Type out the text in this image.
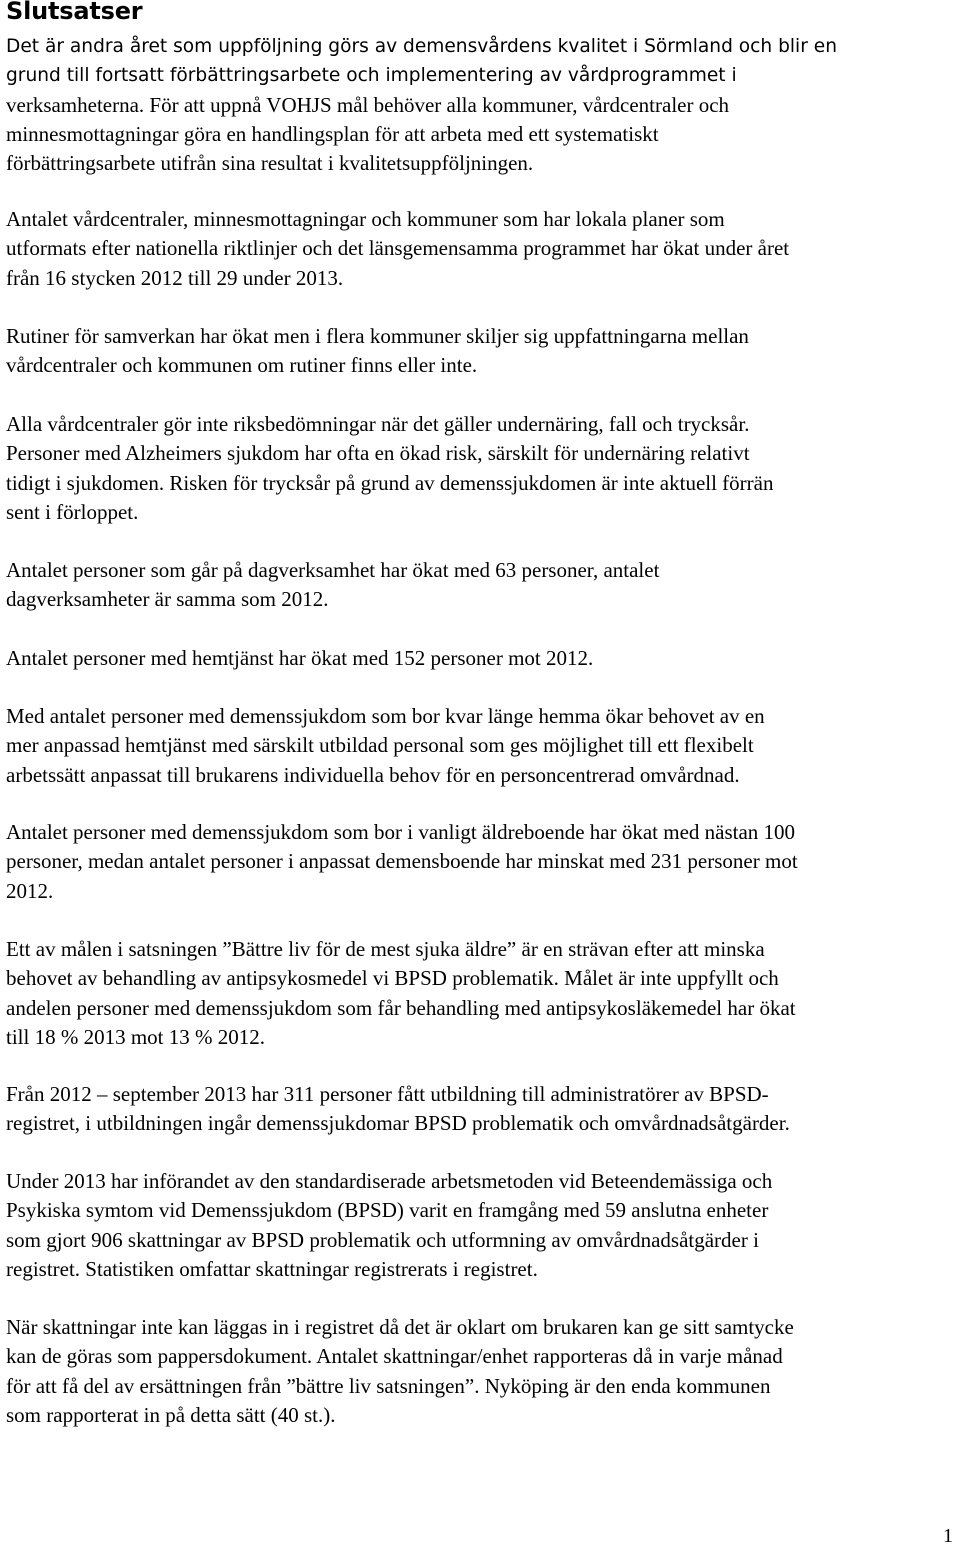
Slutsatser

Det är andra året som uppföljning görs av demensvårdens kvalitet i Sörmland och blir en
grund till fortsatt förbättringsarbete och implementering av vårdprogrammet i
verksamheterna. För att uppnå VOHJS mål behöver alla kommuner, vårdcentraler och
minnesmottagningar göra en handlingsplan för att arbeta med ett systematiskt
förbättringsarbete utifrån sina resultat i kvalitetsuppföljningen.

Antalet vårdcentraler, minnesmottagningar och kommuner som har lokala planer som
utformats efter nationella riktlinjer och det länsgemensamma programmet har ökat under året
från 16 stycken 2012 till 29 under 2013.

Rutiner för samverkan har ökat men i flera kommuner skiljer sig uppfattningarna mellan
vårdcentraler och kommunen om rutiner finns eller inte.

Alla vårdcentraler gör inte riksbedömningar när det gäller undernäring, fall och trycksår.
Personer med Alzheimers sjukdom har ofta en ökad risk, särskilt för undernäring relativt
tidigt i sjukdomen. Risken för trycksår på grund av demenssjukdomen är inte aktuell förrän
sent i förloppet.

Antalet personer som går på dagverksamhet har ökat med 63 personer, antalet
dagverksamheter är samma som 2012.

Antalet personer med hemtjänst har ökat med 152 personer mot 2012.

Med antalet personer med demenssjukdom som bor kvar länge hemma ökar behovet av en
mer anpassad hemtjänst med särskilt utbildad personal som ges möjlighet till ett flexibelt
arbetssätt anpassat till brukarens individuella behov för en personcentrerad omvårdnad.

Antalet personer med demenssjukdom som bor i vanligt äldreboende har ökat med nästan 100
personer, medan antalet personer i anpassat demensboende har minskat med 231 personer mot
2012.

Ett av målen i satsningen ”Bättre liv för de mest sjuka äldre” är en strävan efter att minska
behovet av behandling av antipsykosmedel vi BPSD problematik. Målet är inte uppfyllt och
andelen personer med demenssjukdom som får behandling med antipsykosläkemedel har ökat
till 18 % 2013 mot 13 % 2012.

Från 2012 – september 2013 har 311 personer fått utbildning till administratörer av BPSD-
registret, i utbildningen ingår demenssjukdomar BPSD problematik och omvårdnadsåtgärder.

Under 2013 har införandet av den standardiserade arbetsmetoden vid Beteendemässiga och
Psykiska symtom vid Demenssjukdom (BPSD) varit en framgång med 59 anslutna enheter
som gjort 906 skattningar av BPSD problematik och utformning av omvårdnadsåtgärder i
registret. Statistiken omfattar skattningar registrerats i registret.

När skattningar inte kan läggas in i registret då det är oklart om brukaren kan ge sitt samtycke
kan de göras som pappersdokument. Antalet skattningar/enhet rapporteras då in varje månad
för att få del av ersättningen från ”bättre liv satsningen”. Nyköping är den enda kommunen
som rapporterat in på detta sätt (40 st.).

1
